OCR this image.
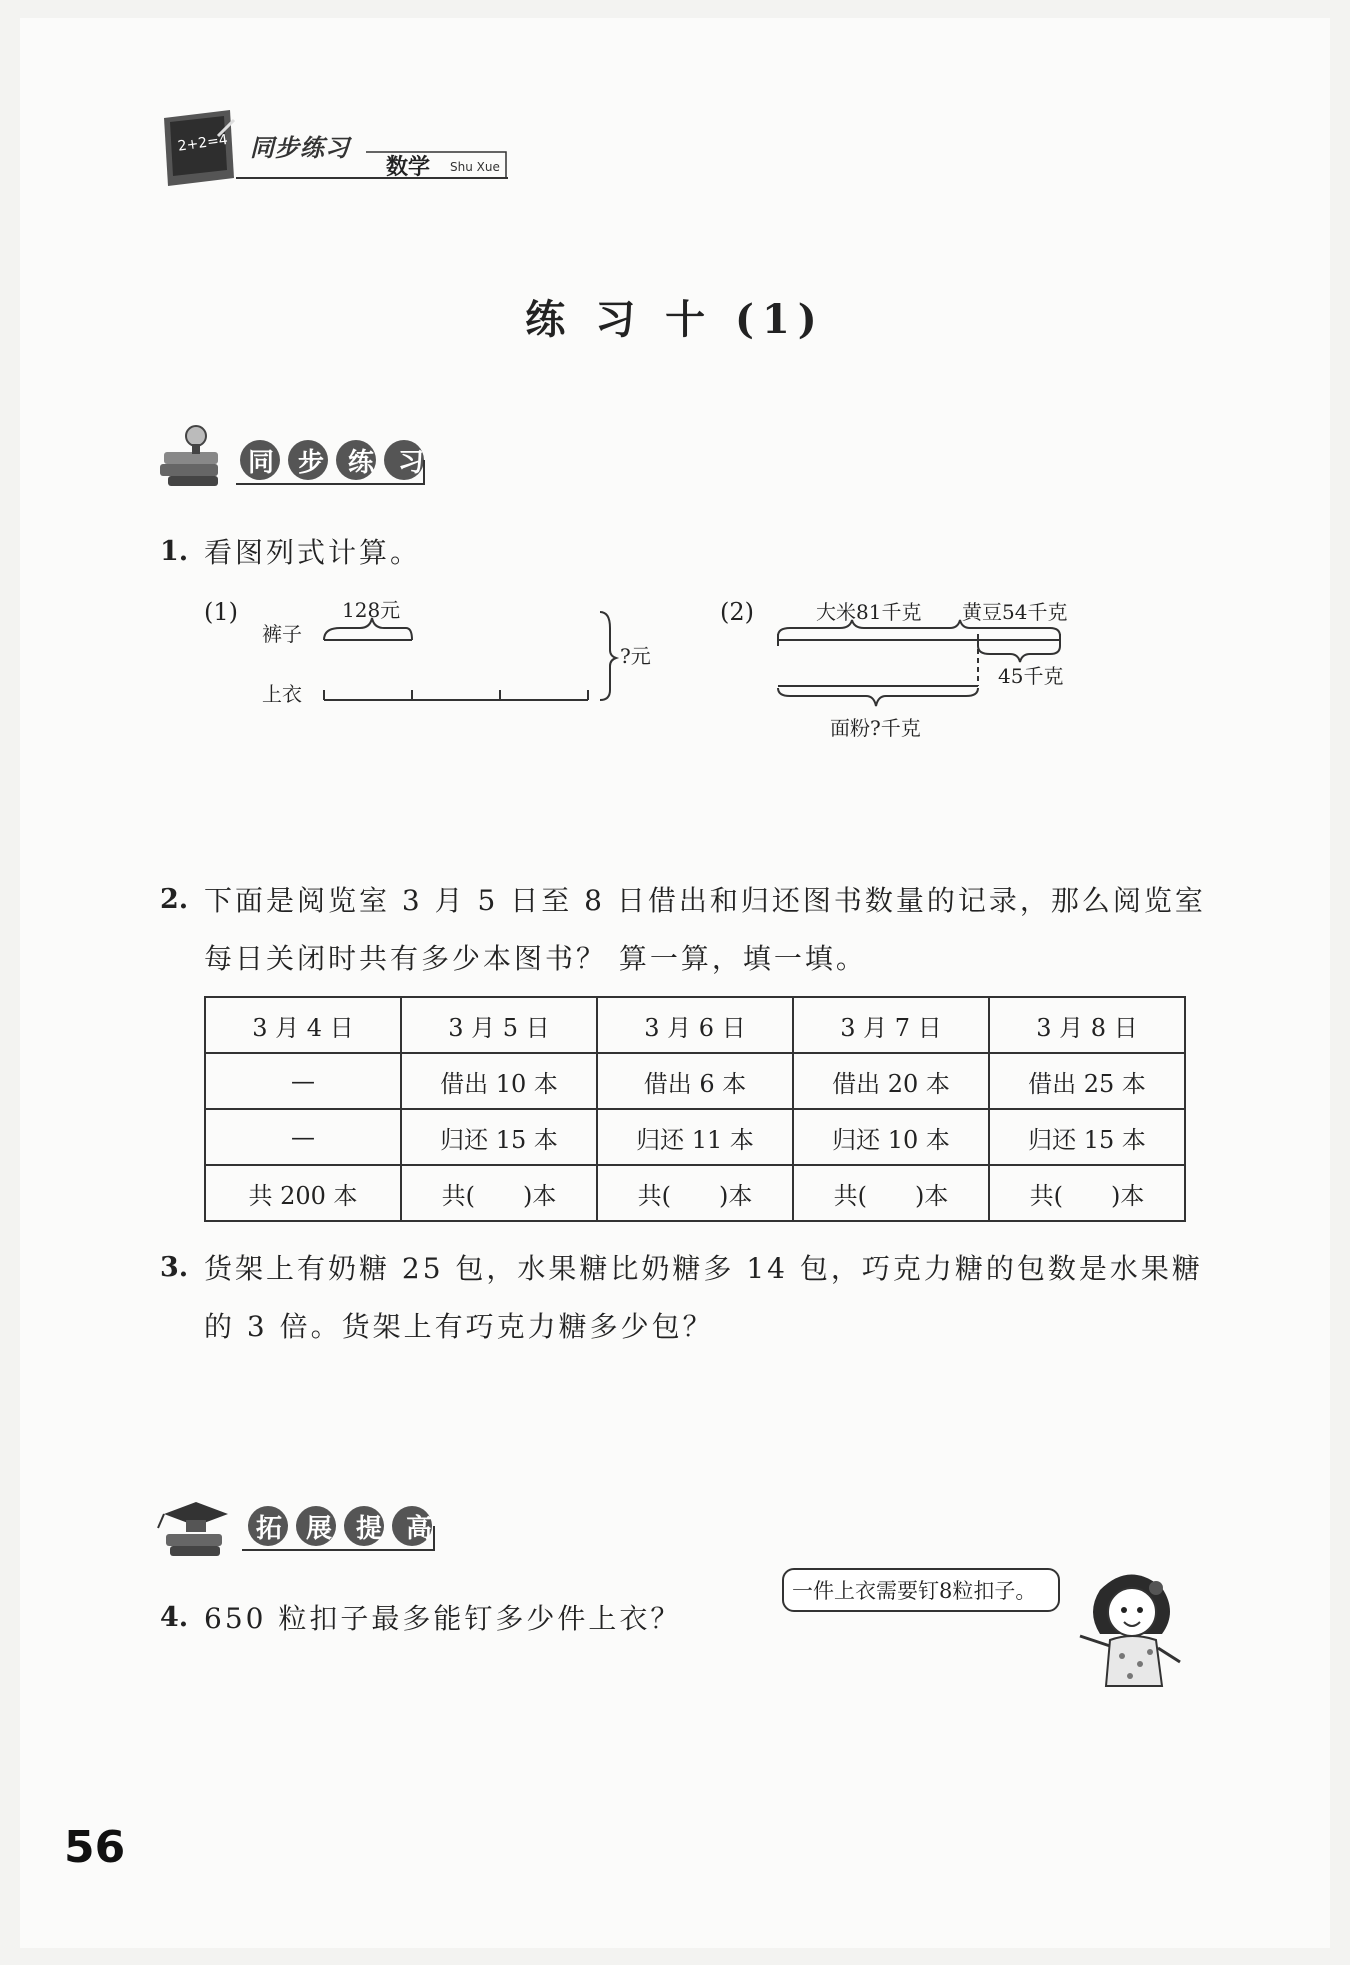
2+2=4 同步练习
数学 Shu Xue
练 习 十 (1)
同步练习
1. 看图列式计算。
(1)
裤子
128元
上衣
?元
(2)	大米81千克 黄豆54千克
45千克
面粉?千克
2. 下面是阅览室 3 月 5 日至 8 日借出和归还图书数量的记录，那么阅览室
每日关闭时共有多少本图书？ 算一算，填一填。
3 月 4 日	3 月 5 日	3 月 6 日	3 月 7 日	3 月 8 日
—	借出 10 本	借出 6 本	借出 20 本	借出 25 本
—	归还 15 本	归还 11 本	归还 10 本	归还 15 本
共 200 本	共(　　)本	共(　　)本	共(　　)本	共(　　)本
3. 货架上有奶糖 25 包，水果糖比奶糖多 14 包，巧克力糖的包数是水果糖
的 3 倍。货架上有巧克力糖多少包？
拓展提高
4. 650 粒扣子最多能钉多少件上衣？
一件上衣需要钉8粒扣子。
56
